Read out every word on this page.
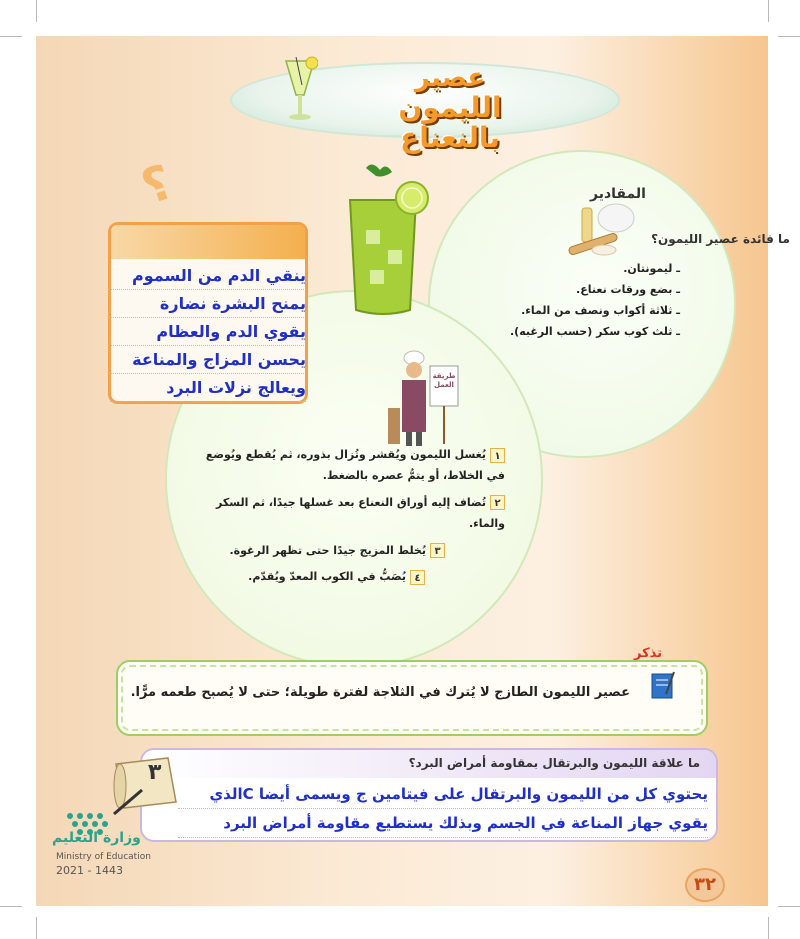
عصير
الليمون بالنعناع
المقادير
ـ ليمونتان.
ـ بضع ورقات نعناع.
ـ ثلاثة أكواب ونصف من الماء.
ـ ثلث كوب سكر (حسب الرغبه).
؟
ما فائدة عصير الليمون؟
ينقي الدم من السموم
يمنح البشرة نضارة
يقوي الدم والعظام
يحسن المزاج والمناعة
ويعالج نزلات البرد
طريقة العمل
١يُغسل الليمون ويُقشر وتُزال بذوره، ثم يُقطع ويُوضع في الخلاط، أو يتمُّ عصره بالضغط.
٢تُضاف إليه أوراق النعناع بعد غسلها جيدًا، ثم السكر والماء.
٣يُخلط المزيج جيدًا حتى تظهر الرغوة.
٤يُصَبُّ في الكوب المعدّ ويُقدّم.
تذكر
عصير الليمون الطازج لا يُترك في الثلاجة لفترة طويلة؛ حتى لا يُصبح طعمه مرًّا.
٣	ما علاقة الليمون والبرتقال بمقاومة أمراض البرد؟
يحتوي كل من الليمون والبرتقال على فيتامين ج ويسمى أيضا Cالذي
يقوي جهاز المناعة في الجسم وبذلك يستطيع مقاومة أمراض البرد
وزارة التعليم
Ministry of Education
2021 - 1443
٣٢
